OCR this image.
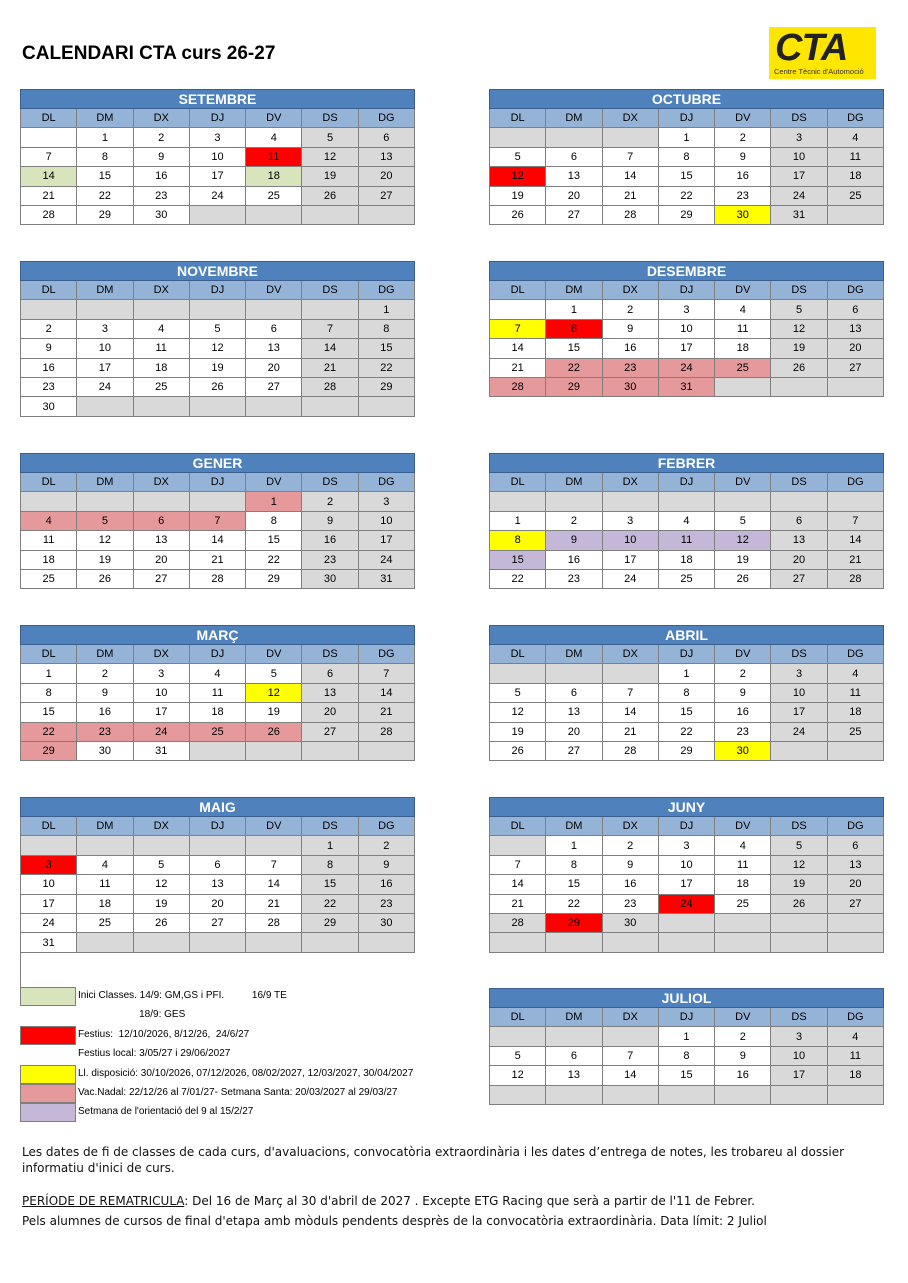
CALENDARI CTA curs 26-27	CTA
Centre Tècnic d'Automoció
SETEMBRE						
DL	DM	DX	DJ	DV	DS	DG
	1	2	3	4	5	6
7	8	9	10	11	12	13
14	15	16	17	18	19	20
21	22	23	24	25	26	27
28	29	30				
OCTUBRE						
DL	DM	DX	DJ	DV	DS	DG
			1	2	3	4
5	6	7	8	9	10	11
12	13	14	15	16	17	18
19	20	21	22	23	24	25
26	27	28	29	30	31	
NOVEMBRE						
DL	DM	DX	DJ	DV	DS	DG
						1
2	3	4	5	6	7	8
9	10	11	12	13	14	15
16	17	18	19	20	21	22
23	24	25	26	27	28	29
30						
DESEMBRE						
DL	DM	DX	DJ	DV	DS	DG
	1	2	3	4	5	6
7	8	9	10	11	12	13
14	15	16	17	18	19	20
21	22	23	24	25	26	27
28	29	30	31			
GENER						
DL	DM	DX	DJ	DV	DS	DG
				1	2	3
4	5	6	7	8	9	10
11	12	13	14	15	16	17
18	19	20	21	22	23	24
25	26	27	28	29	30	31
FEBRER						
DL	DM	DX	DJ	DV	DS	DG

1	2	3	4	5	6	7
8	9	10	11	12	13	14
15	16	17	18	19	20	21
22	23	24	25	26	27	28
MARÇ						
DL	DM	DX	DJ	DV	DS	DG
1	2	3	4	5	6	7
8	9	10	11	12	13	14
15	16	17	18	19	20	21
22	23	24	25	26	27	28
29	30	31				
ABRIL						
DL	DM	DX	DJ	DV	DS	DG
			1	2	3	4
5	6	7	8	9	10	11
12	13	14	15	16	17	18
19	20	21	22	23	24	25
26	27	28	29	30		
MAIG						
DL	DM	DX	DJ	DV	DS	DG
					1	2
3	4	5	6	7	8	9
10	11	12	13	14	15	16
17	18	19	20	21	22	23
24	25	26	27	28	29	30
31						
JUNY						
DL	DM	DX	DJ	DV	DS	DG
	1	2	3	4	5	6
7	8	9	10	11	12	13
14	15	16	17	18	19	20
21	22	23	24	25	26	27
28	29	30				

JULIOL						
DL	DM	DX	DJ	DV	DS	DG
			1	2	3	4
5	6	7	8	9	10	11
12	13	14	15	16	17	18

Inici Classes. 14/9: GM,GS i PFI.          16/9 TE
18/9: GES
Festius:  12/10/2026, 8/12/26,  24/6/27
Festius local: 3/05/27 i 29/06/2027
Ll. disposició: 30/10/2026, 07/12/2026, 08/02/2027, 12/03/2027, 30/04/2027
Vac.Nadal: 22/12/26 al 7/01/27- Setmana Santa: 20/03/2027 al 29/03/27
Setmana de l'orientació del 9 al 15/2/27
Les dates de fi de classes de cada curs, d'avaluacions, convocatòria extraordinària i les dates d’entrega de notes, les trobareu al dossier informatiu d'inici de curs.
PERÍODE DE REMATRICULA: Del 16 de Març al 30 d'abril de 2027 . Excepte ETG Racing que serà a partir de l'11 de Febrer.
Pels alumnes de cursos de final d'etapa amb mòduls pendents desprès de la convocatòria extraordinària. Data límit: 2 Juliol
